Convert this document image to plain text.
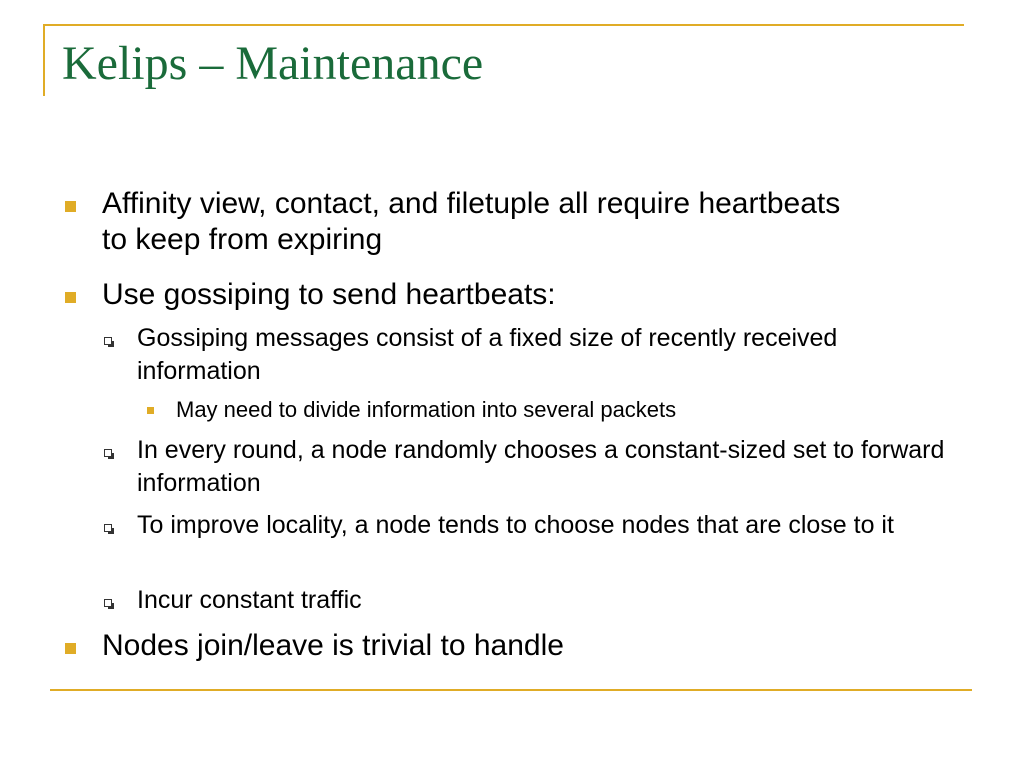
Kelips – Maintenance
Affinity view, contact, and filetuple all require heartbeats to keep from expiring
Use gossiping to send heartbeats:
Gossiping messages consist of a fixed size of recently received information
May need to divide information into several packets
In every round, a node randomly chooses a constant-sized set to forward information
To improve locality, a node tends to choose nodes that are close to it
Incur constant traffic
Nodes join/leave is trivial to handle
